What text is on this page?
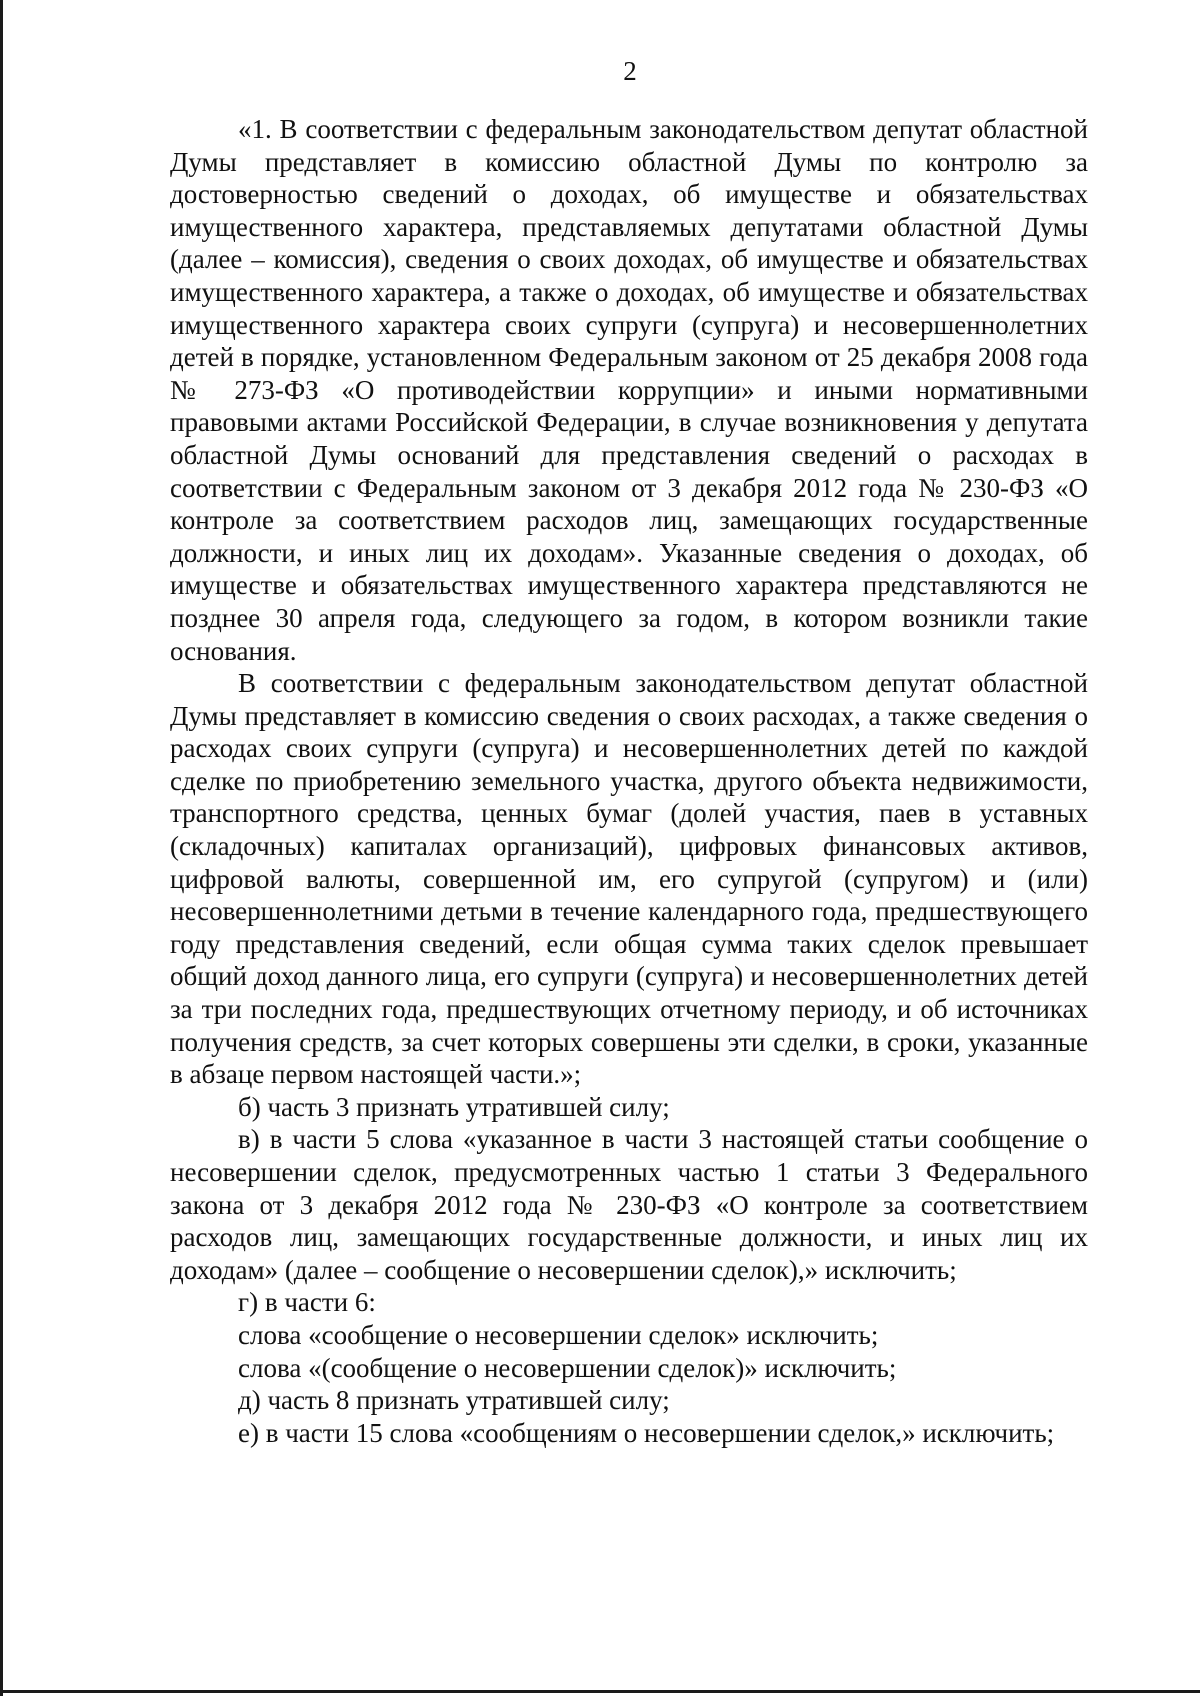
2

«1. В соответствии с федеральным законодательством депутат областной Думы представляет в комиссию областной Думы по контролю за достоверностью сведений о доходах, об имуществе и обязательствах имущественного характера, представляемых депутатами областной Думы (далее – комиссия), сведения о своих доходах, об имуществе и обязательствах имущественного характера, а также о доходах, об имуществе и обязательствах имущественного характера своих супруги (супруга) и несовершеннолетних детей в порядке, установленном Федеральным законом от 25 декабря 2008 года № 273-ФЗ «О противодействии коррупции» и иными нормативными правовыми актами Российской Федерации, в случае возникновения у депутата областной Думы оснований для представления сведений о расходах в соответствии с Федеральным законом от 3 декабря 2012 года № 230-ФЗ «О контроле за соответствием расходов лиц, замещающих государственные должности, и иных лиц их доходам». Указанные сведения о доходах, об имуществе и обязательствах имущественного характера представляются не позднее 30 апреля года, следующего за годом, в котором возникли такие основания.

В соответствии с федеральным законодательством депутат областной Думы представляет в комиссию сведения о своих расходах, а также сведения о расходах своих супруги (супруга) и несовершеннолетних детей по каждой сделке по приобретению земельного участка, другого объекта недвижимости, транспортного средства, ценных бумаг (долей участия, паев в уставных (складочных) капиталах организаций), цифровых финансовых активов, цифровой валюты, совершенной им, его супругой (супругом) и (или) несовершеннолетними детьми в течение календарного года, предшествующего году представления сведений, если общая сумма таких сделок превышает общий доход данного лица, его супруги (супруга) и несовершеннолетних детей за три последних года, предшествующих отчетному периоду, и об источниках получения средств, за счет которых совершены эти сделки, в сроки, указанные в абзаце первом настоящей части.»;

б) часть 3 признать утратившей силу;

в) в части 5 слова «указанное в части 3 настоящей статьи сообщение о несовершении сделок, предусмотренных частью 1 статьи 3 Федерального закона от 3 декабря 2012 года № 230-ФЗ «О контроле за соответствием расходов лиц, замещающих государственные должности, и иных лиц их доходам» (далее – сообщение о несовершении сделок),» исключить;

г) в части 6:

слова «сообщение о несовершении сделок» исключить;

слова «(сообщение о несовершении сделок)» исключить;

д) часть 8 признать утратившей силу;

е) в части 15 слова «сообщениям о несовершении сделок,» исключить;
